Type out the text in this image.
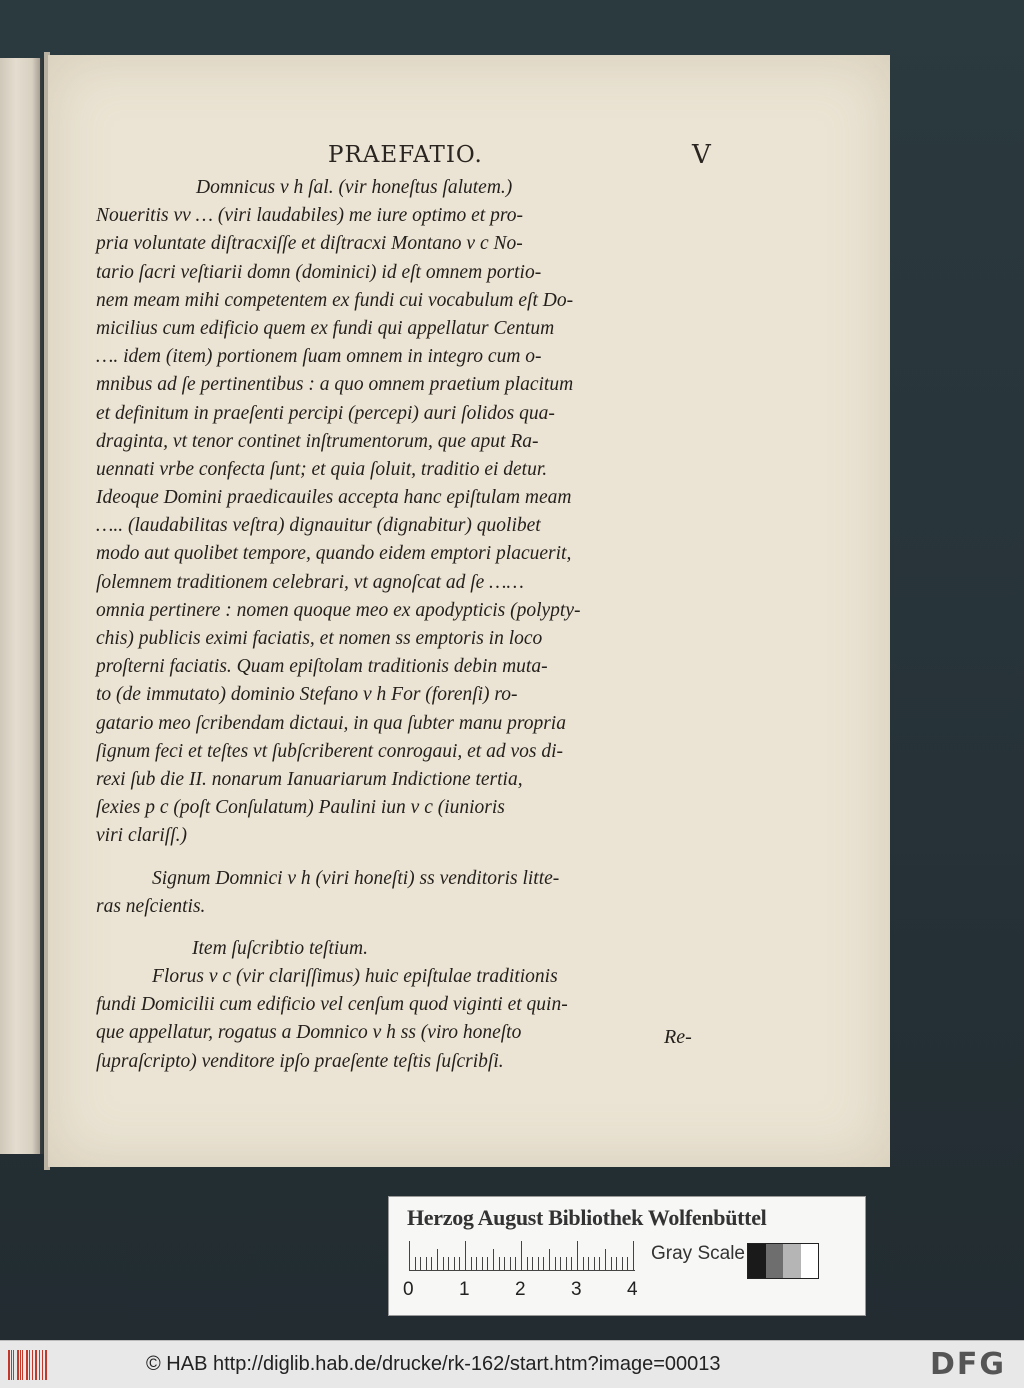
PRAEFATIO.	V
Domnicus v h ſal. (vir honeſtus ſalutem.)
Noueritis vv … (viri laudabiles) me iure optimo et pro-
pria voluntate diſtracxiſſe et diſtracxi Montano v c No-
tario ſacri veſtiarii domn (dominici) id eſt omnem portio-
nem meam mihi competentem ex fundi cui vocabulum eſt Do-
micilius cum edificio quem ex fundi qui appellatur Centum
…. idem (item) portionem ſuam omnem in integro cum o-
mnibus ad ſe pertinentibus : a quo omnem praetium placitum
et definitum in praeſenti percipi (percepi) auri ſolidos qua-
draginta, vt tenor continet inſtrumentorum, que aput Ra-
uennati vrbe confecta ſunt; et quia ſoluit, traditio ei detur.
Ideoque Domini praedicauiles accepta hanc epiſtulam meam
….. (laudabilitas veſtra) dignauitur (dignabitur) quolibet
modo aut quolibet tempore, quando eidem emptori placuerit,
ſolemnem traditionem celebrari, vt agnoſcat ad ſe ……
omnia pertinere : nomen quoque meo ex apodypticis (polypty-
chis) publicis eximi faciatis, et nomen ss emptoris in loco
proſterni faciatis. Quam epiſtolam traditionis debin muta-
to (de immutato) dominio Stefano v h For (forenſi) ro-
gatario meo ſcribendam dictaui, in qua ſubter manu propria
ſignum feci et teſtes vt ſubſcriberent conrogaui, et ad vos di-
rexi ſub die II. nonarum Ianuariarum Indictione tertia,
ſexies p c (poſt Conſulatum) Paulini iun v c (iunioris
viri clariſſ.)
Signum Domnici v h (viri honeſti) ss venditoris litte-
ras neſcientis.
Item ſuſcribtio teſtium.
Florus v c (vir clariſſimus) huic epiſtulae traditionis
fundi Domicilii cum edificio vel cenſum quod viginti et quin-
que appellatur, rogatus a Domnico v h ss (viro honeſto
ſupraſcripto) venditore ipſo praeſente teſtis ſuſcribſi.
Re-
Herzog August Bibliothek Wolfenbüttel
0 1 2 3 4
Gray Scale
© HAB http://diglib.hab.de/drucke/rk-162/start.htm?image=00013	DFG
